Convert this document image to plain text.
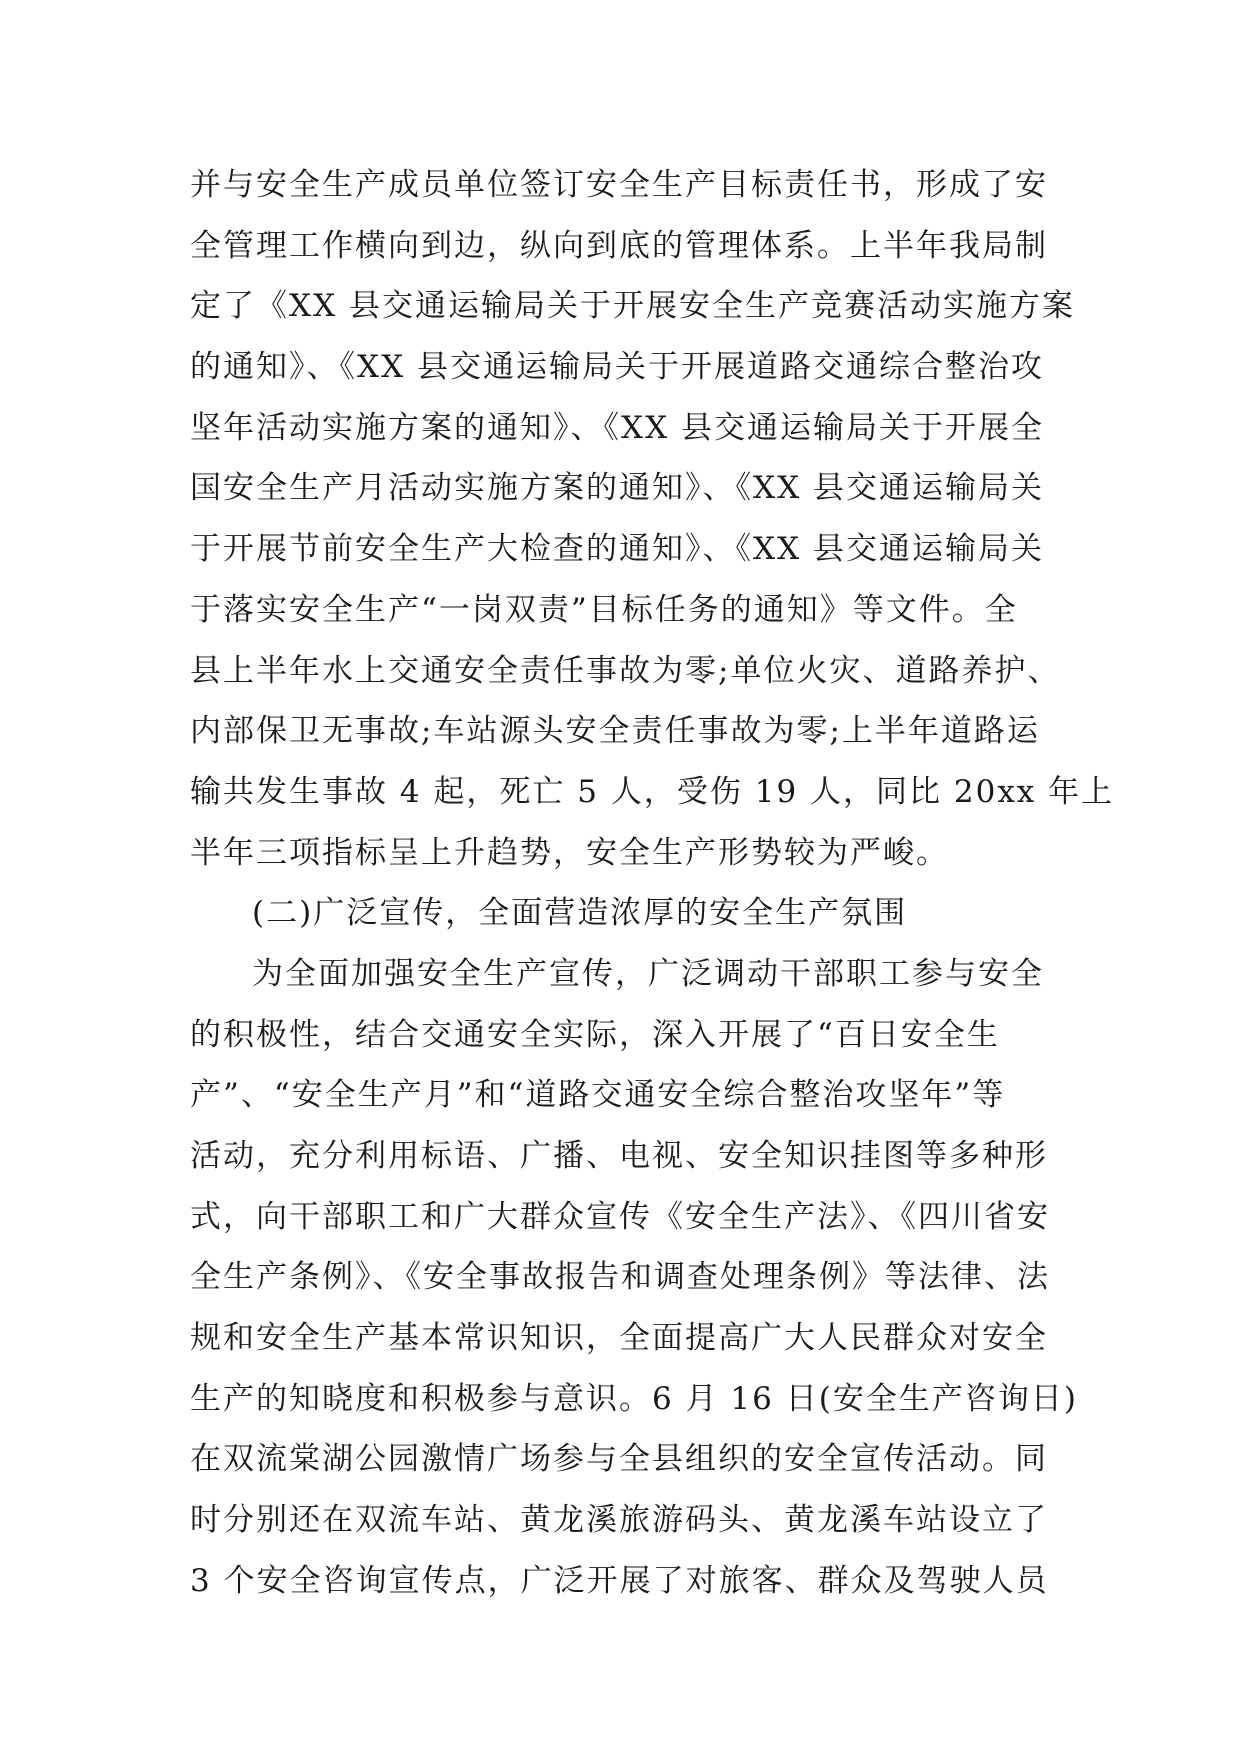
并与安全生产成员单位签订安全生产目标责任书，形成了安
全管理工作横向到边，纵向到底的管理体系。上半年我局制
定了《XX 县交通运输局关于开展安全生产竞赛活动实施方案
的通知》、《XX 县交通运输局关于开展道路交通综合整治攻
坚年活动实施方案的通知》、《XX 县交通运输局关于开展全
国安全生产月活动实施方案的通知》、《XX 县交通运输局关
于开展节前安全生产大检查的通知》、《XX 县交通运输局关
于落实安全生产“一岗双责”目标任务的通知》等文件。全
县上半年水上交通安全责任事故为零;单位火灾、道路养护、
内部保卫无事故;车站源头安全责任事故为零;上半年道路运
输共发生事故 4 起，死亡 5 人，受伤 19 人，同比 20xx 年上
半年三项指标呈上升趋势，安全生产形势较为严峻。
(二)广泛宣传，全面营造浓厚的安全生产氛围
为全面加强安全生产宣传，广泛调动干部职工参与安全
的积极性，结合交通安全实际，深入开展了“百日安全生
产”、“安全生产月”和“道路交通安全综合整治攻坚年”等
活动，充分利用标语、广播、电视、安全知识挂图等多种形
式，向干部职工和广大群众宣传《安全生产法》、《四川省安
全生产条例》、《安全事故报告和调查处理条例》等法律、法
规和安全生产基本常识知识，全面提高广大人民群众对安全
生产的知晓度和积极参与意识。6 月 16 日(安全生产咨询日)
在双流棠湖公园激情广场参与全县组织的安全宣传活动。同
时分别还在双流车站、黄龙溪旅游码头、黄龙溪车站设立了
3 个安全咨询宣传点，广泛开展了对旅客、群众及驾驶人员
